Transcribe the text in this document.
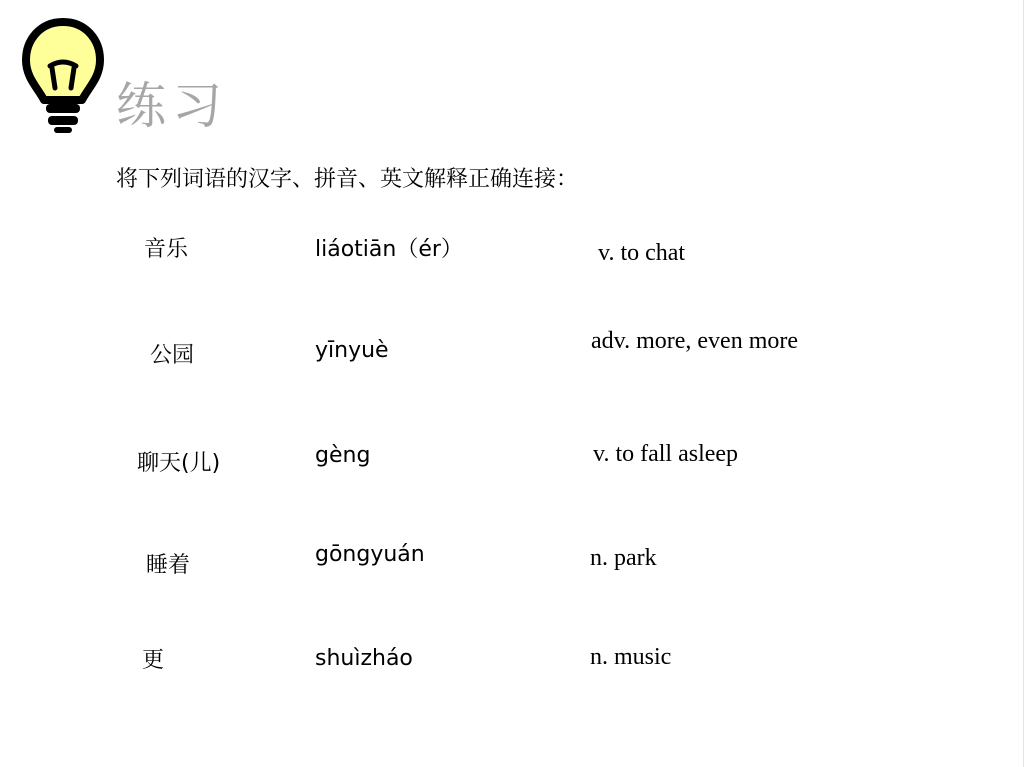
练习
将下列词语的汉字、拼音、英文解释正确连接：
音乐
公园
聊天(儿)
睡着
更
liáotiān（ér）
yīnyuè
gèng
gōngyuán
shuìzháo
v. to chat
adv. more, even more
v. to fall asleep
n. park
n. music
